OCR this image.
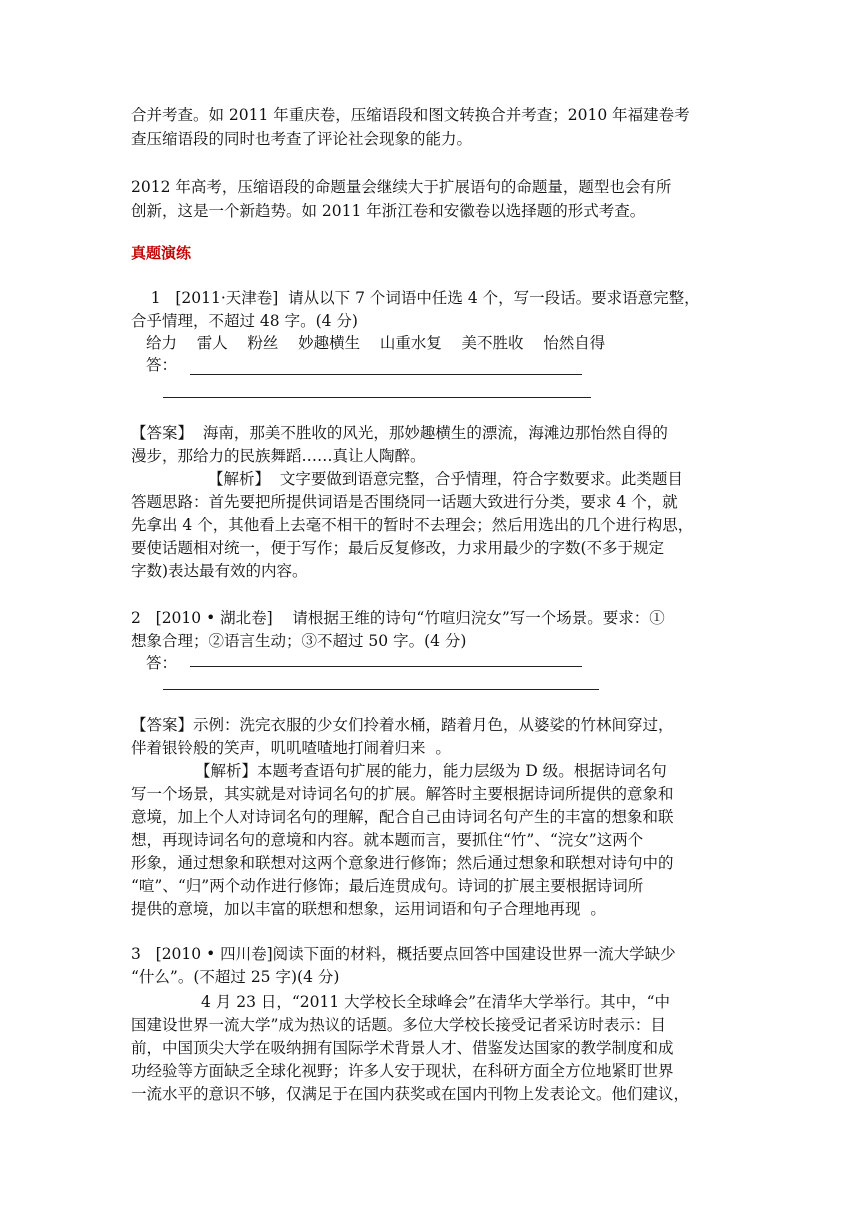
合并考查。如 2011 年重庆卷，压缩语段和图文转换合并考查；2010 年福建卷考
查压缩语段的同时也考查了评论社会现象的能力。
2012 年高考，压缩语段的命题量会继续大于扩展语句的命题量，题型也会有所
创新，这是一个新趋势。如 2011 年浙江卷和安徽卷以选择题的形式考查。
真题演练
1   [2011·天津卷]  请从以下 7 个词语中任选 4 个，写一段话。要求语意完整，
合乎情理，不超过 48 字。(4 分)
给力    雷人    粉丝    妙趣横生    山重水复    美不胜收    怡然自得
答：
【答案】  海南，那美不胜收的风光，那妙趣横生的漂流，海滩边那怡然自得的
漫步，那给力的民族舞蹈……真让人陶醉。
【解析】  文字要做到语意完整，合乎情理，符合字数要求。此类题目
答题思路：首先要把所提供词语是否围绕同一话题大致进行分类，要求 4 个，就
先拿出 4 个，其他看上去毫不相干的暂时不去理会；然后用选出的几个进行构思，
要使话题相对统一，便于写作；最后反复修改，力求用最少的字数(不多于规定
字数)表达最有效的内容。
2   [2010 • 湖北卷]    请根据王维的诗句“竹喧归浣女”写一个场景。要求：①
想象合理；②语言生动；③不超过 50 字。(4 分)
答：
【答案】示例：洗完衣服的少女们拎着水桶，踏着月色，从婆娑的竹林间穿过，
伴着银铃般的笑声，叽叽喳喳地打闹着归来  。
【解析】本题考查语句扩展的能力，能力层级为 D 级。根据诗词名句
写一个场景，其实就是对诗词名句的扩展。解答时主要根据诗词所提供的意象和
意境，加上个人对诗词名句的理解，配合自己由诗词名句产生的丰富的想象和联
想，再现诗词名句的意境和内容。就本题而言，要抓住“竹”、“浣女”这两个
形象，通过想象和联想对这两个意象进行修饰；然后通过想象和联想对诗句中的
“喧”、“归”两个动作进行修饰；最后连贯成句。诗词的扩展主要根据诗词所
提供的意境，加以丰富的联想和想象，运用词语和句子合理地再现  。
3   [2010 • 四川卷]阅读下面的材料，概括要点回答中国建设世界一流大学缺少
“什么”。(不超过 25 字)(4 分)
4 月 23 日，“2011 大学校长全球峰会”在清华大学举行。其中，“中
国建设世界一流大学”成为热议的话题。多位大学校长接受记者采访时表示：目
前，中国顶尖大学在吸纳拥有国际学术背景人才、借鉴发达国家的教学制度和成
功经验等方面缺乏全球化视野；许多人安于现状，在科研方面全方位地紧盯世界
一流水平的意识不够，仅满足于在国内获奖或在国内刊物上发表论文。他们建议，
